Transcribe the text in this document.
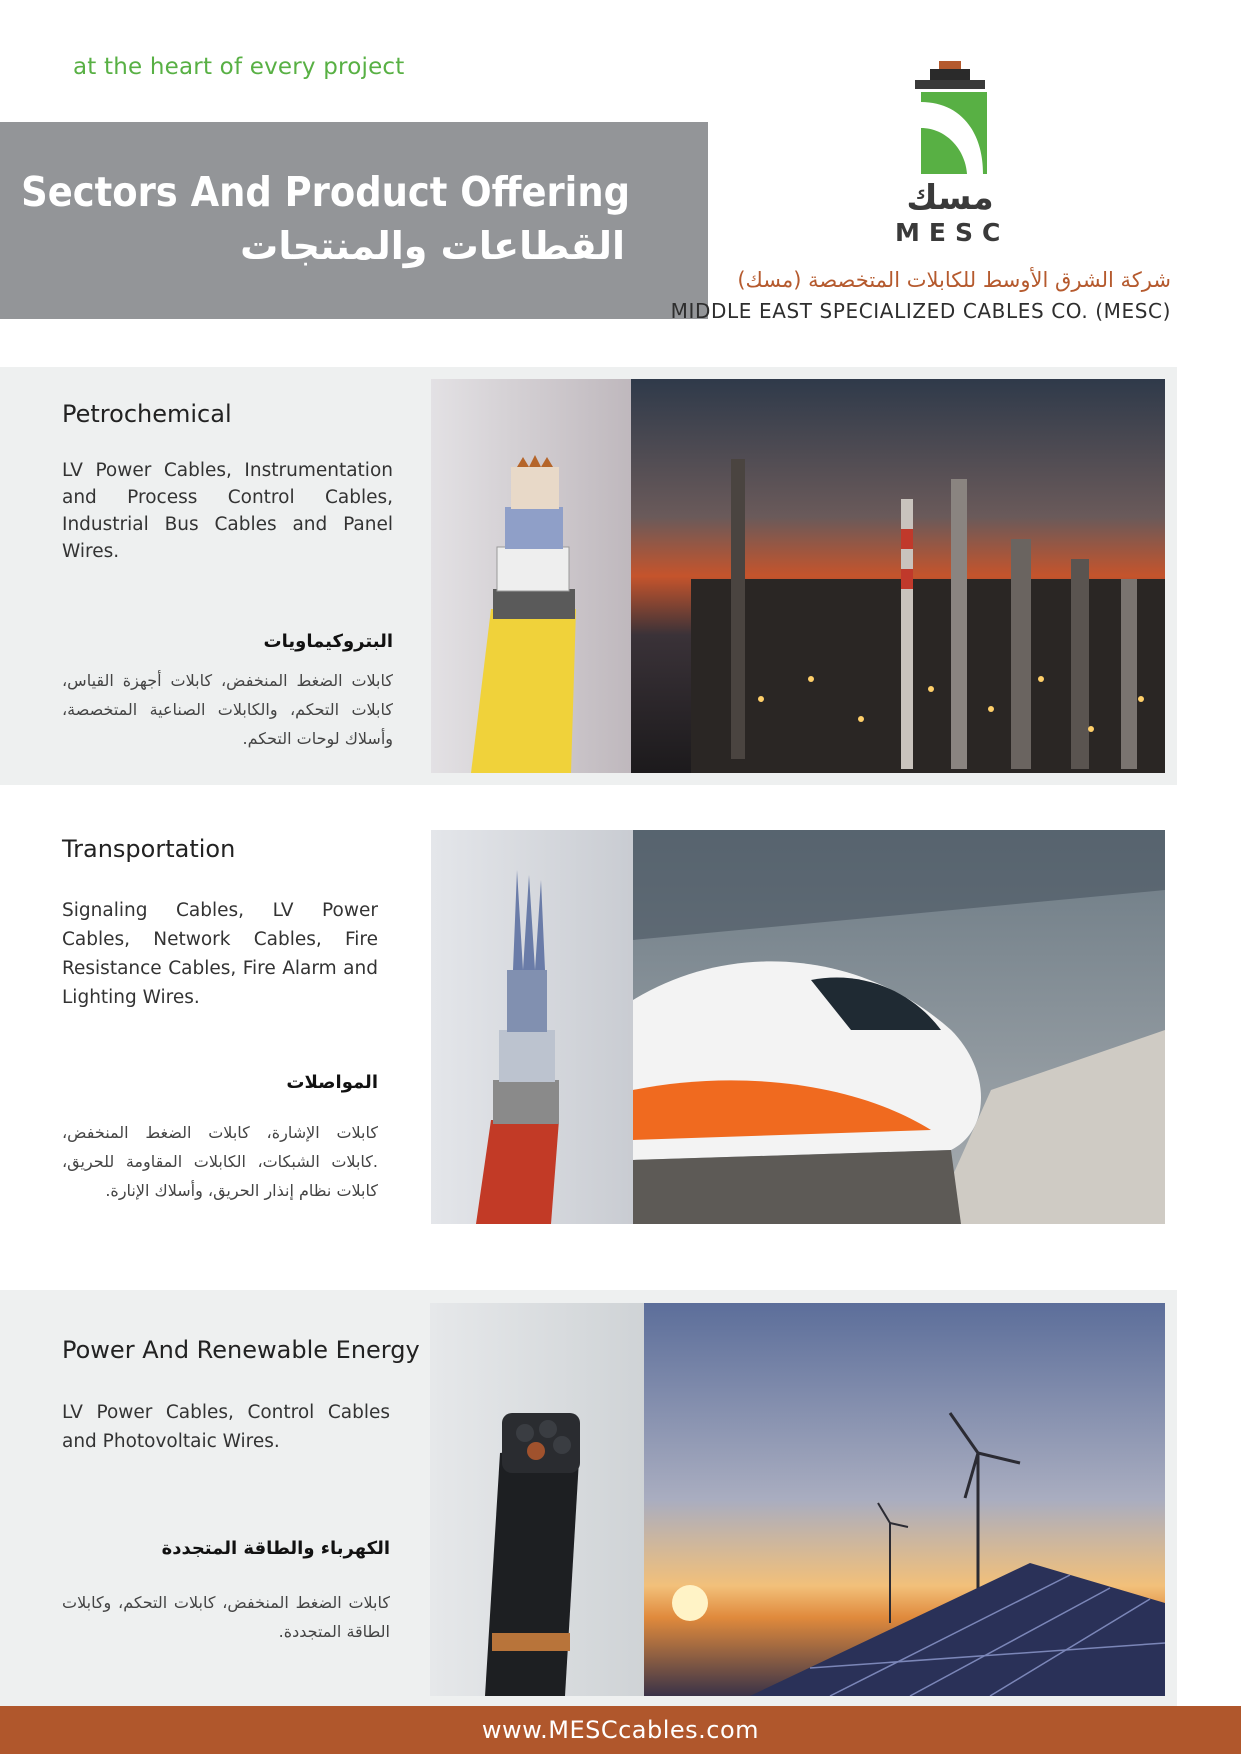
at the heart of every project
Sectors And Product Offering
القطاعات والمنتجات
مسك
MESC
شركة الشرق الأوسط للكابلات المتخصصة (مسك)
MIDDLE EAST SPECIALIZED CABLES CO. (MESC)
Petrochemical
LV Power Cables, Instrumentation and Process Control Cables, Industrial Bus Cables and Panel Wires.
البتروكيماويات
كابلات الضغط المنخفض، كابلات أجهزة القياس، كابلات التحكم، والكابلات الصناعية المتخصصة، وأسلاك لوحات التحكم.
Transportation
Signaling Cables, LV Power Cables, Network Cables, Fire Resistance Cables, Fire Alarm and Lighting Wires.
المواصلات
كابلات الإشارة، كابلات الضغط المنخفض، .كابلات الشبكات، الكابلات المقاومة للحريق، كابلات نظام إنذار الحريق، وأسلاك الإنارة.
Power And Renewable Energy
LV Power Cables, Control Cables and Photovoltaic Wires.
الكهرباء والطاقة المتجددة
كابلات الضغط المنخفض، كابلات التحكم، وكابلات الطاقة المتجددة.
www.MESCcables.com
